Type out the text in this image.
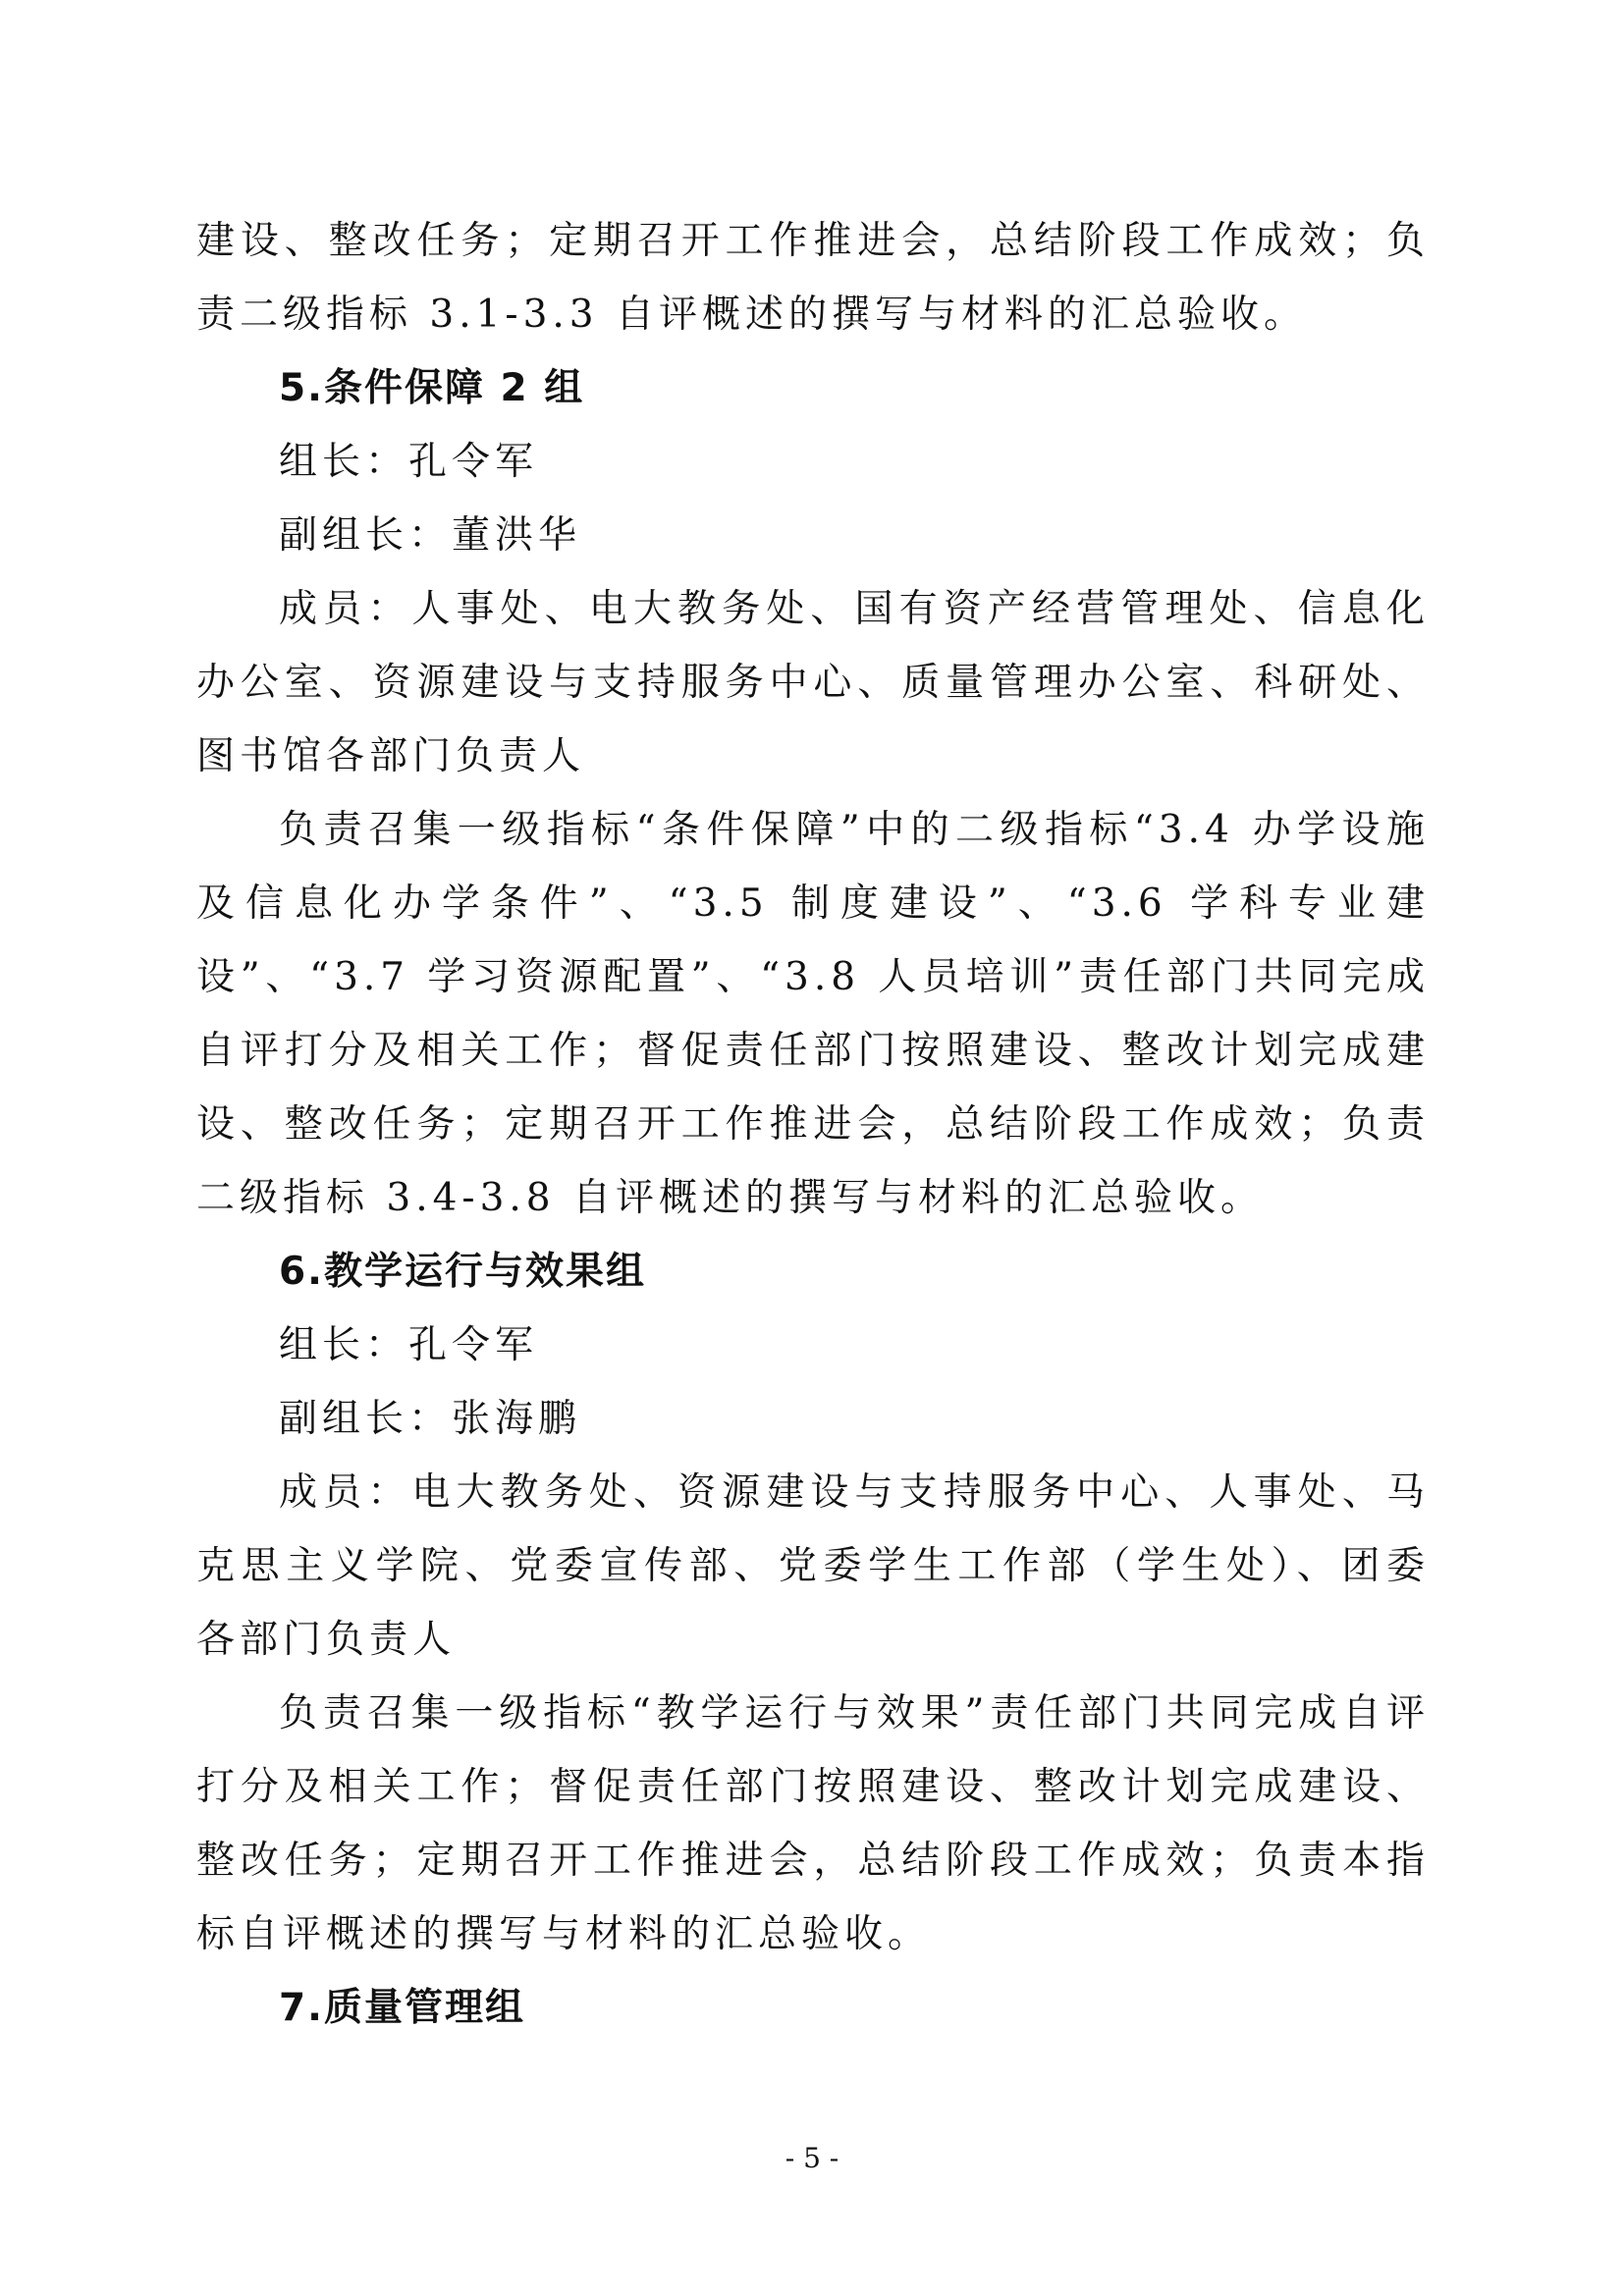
建设、整改任务；定期召开工作推进会，总结阶段工作成效；负责二级指标 3.1-3.3 自评概述的撰写与材料的汇总验收。

5.条件保障 2 组

组长：孔令军

副组长：董洪华

成员：人事处、电大教务处、国有资产经营管理处、信息化办公室、资源建设与支持服务中心、质量管理办公室、科研处、图书馆各部门负责人

负责召集一级指标“条件保障”中的二级指标“3.4 办学设施及信息化办学条件”、“3.5 制度建设”、“3.6 学科专业建设”、“3.7 学习资源配置”、“3.8 人员培训”责任部门共同完成自评打分及相关工作；督促责任部门按照建设、整改计划完成建设、整改任务；定期召开工作推进会，总结阶段工作成效；负责二级指标 3.4-3.8 自评概述的撰写与材料的汇总验收。

6.教学运行与效果组

组长：孔令军

副组长：张海鹏

成员：电大教务处、资源建设与支持服务中心、人事处、马克思主义学院、党委宣传部、党委学生工作部（学生处）、团委各部门负责人

负责召集一级指标“教学运行与效果”责任部门共同完成自评打分及相关工作；督促责任部门按照建设、整改计划完成建设、整改任务；定期召开工作推进会，总结阶段工作成效；负责本指标自评概述的撰写与材料的汇总验收。

7.质量管理组

- 5 -
